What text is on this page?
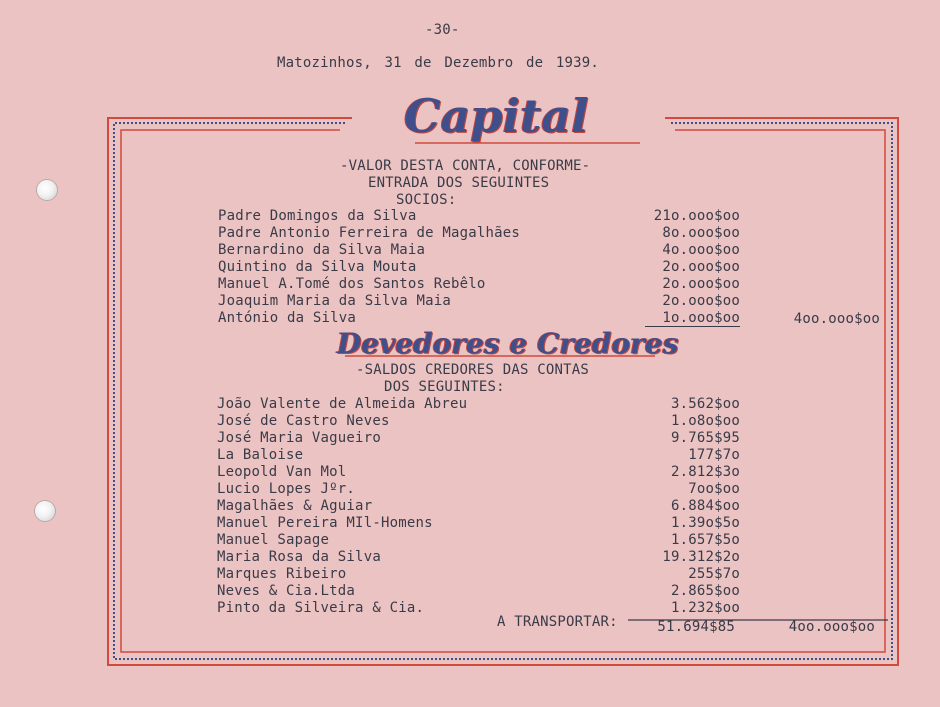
-30-
Matozinhos, 31 de Dezembro de 1939.
Capital
-VALOR DESTA CONTA, CONFORME-
ENTRADA DOS SEGUINTES
SOCIOS:
Padre Domingos da Silva	21o.ooo$oo
Padre Antonio Ferreira de Magalhães	8o.ooo$oo
Bernardino da Silva Maia	4o.ooo$oo
Quintino da Silva Mouta	2o.ooo$oo
Manuel A.Tomé dos Santos Rebêlo	2o.ooo$oo
Joaquim Maria da Silva Maia	2o.ooo$oo
António da Silva	1o.ooo$oo	4oo.ooo$oo
Devedores e Credores
-SALDOS CREDORES DAS CONTAS
DOS SEGUINTES:
João Valente de Almeida Abreu	3.562$oo
José de Castro Neves	1.o8o$oo
José Maria Vagueiro	9.765$95
La Baloise	177$7o
Leopold Van Mol	2.812$3o
Lucio Lopes Jºr.	7oo$oo
Magalhães & Aguiar	6.884$oo
Manuel Pereira MIl-Homens	1.39o$5o
Manuel Sapage	1.657$5o
Maria Rosa da Silva	19.312$2o
Marques Ribeiro	255$7o
Neves & Cia.Ltda	2.865$oo
Pinto da Silveira & Cia.	1.232$oo
A TRANSPORTAR:	51.694$85	4oo.ooo$oo
